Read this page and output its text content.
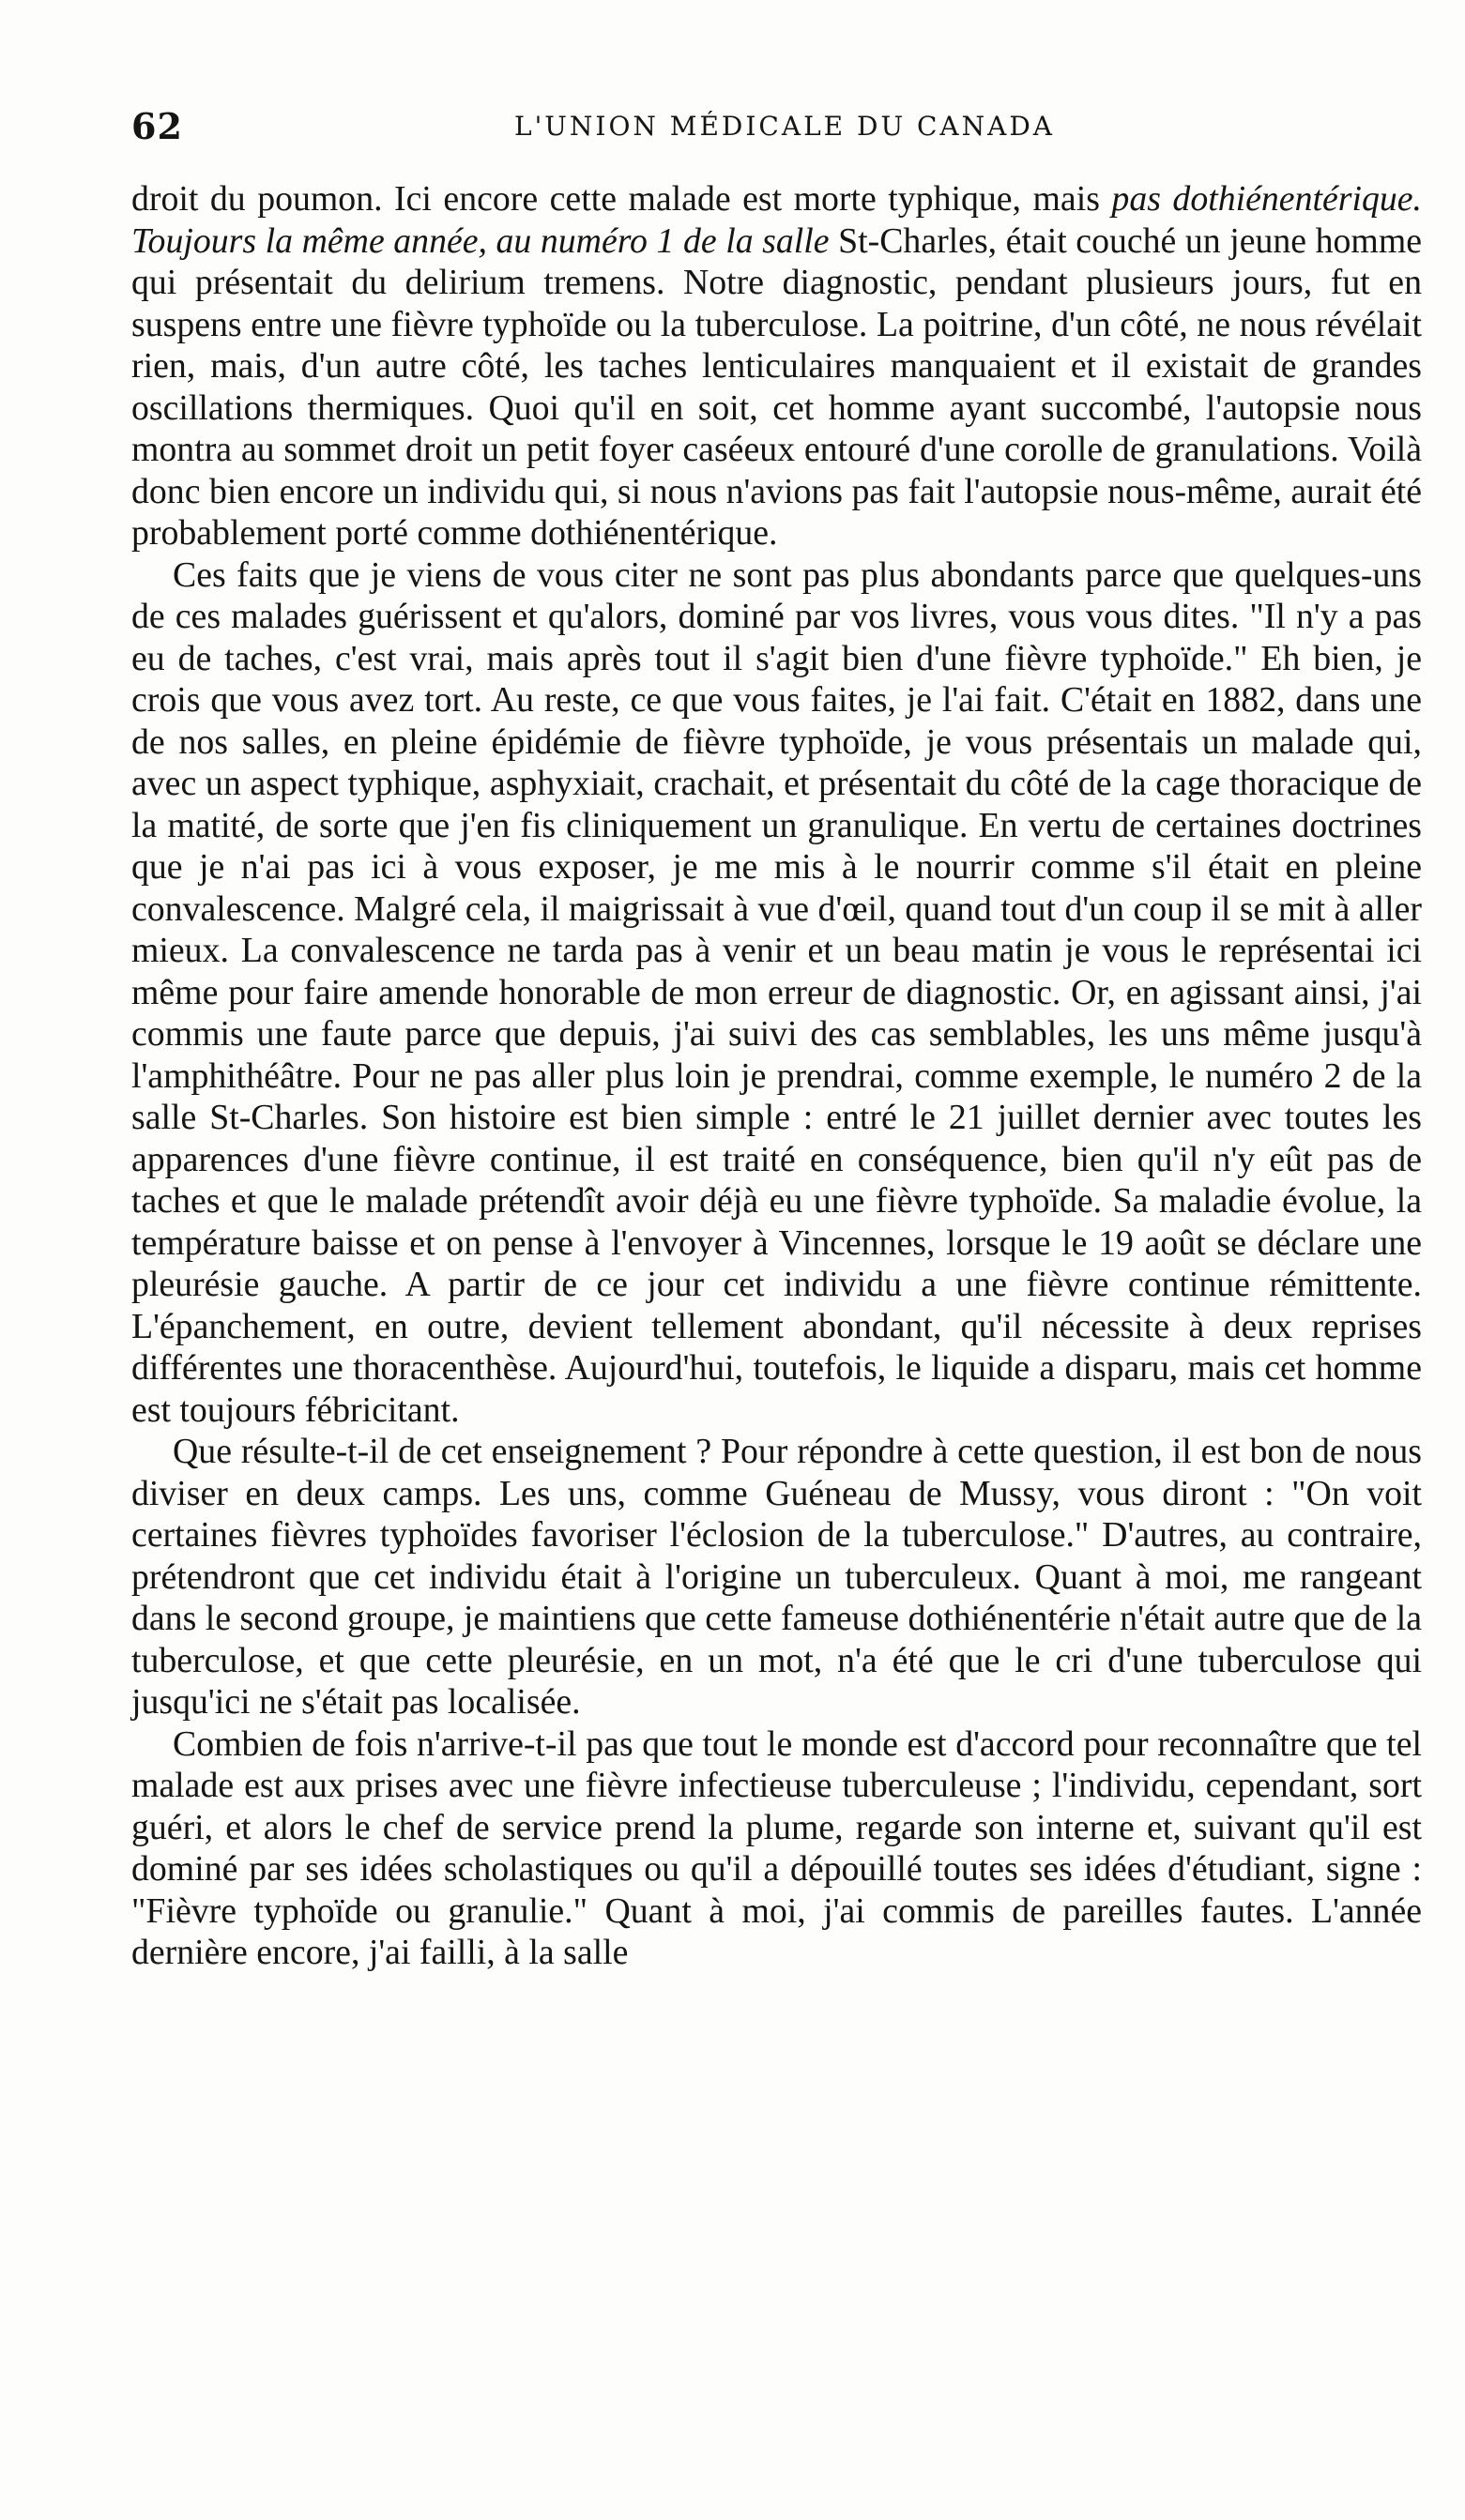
62	L'UNION MÉDICALE DU CANADA

droit du poumon. Ici encore cette malade est morte typhique, mais pas dothiénentérique. Toujours la même année, au numéro 1 de la salle St-Charles, était couché un jeune homme qui présentait du delirium tremens. Notre diagnostic, pendant plusieurs jours, fut en suspens entre une fièvre typhoïde ou la tuberculose. La poitrine, d'un côté, ne nous révélait rien, mais, d'un autre côté, les taches lenticulaires manquaient et il existait de grandes oscillations thermiques. Quoi qu'il en soit, cet homme ayant succombé, l'autopsie nous montra au sommet droit un petit foyer caséeux entouré d'une corolle de granulations. Voilà donc bien encore un individu qui, si nous n'avions pas fait l'autopsie nous-même, aurait été probablement porté comme dothiénentérique.

Ces faits que je viens de vous citer ne sont pas plus abondants parce que quelques-uns de ces malades guérissent et qu'alors, dominé par vos livres, vous vous dites. "Il n'y a pas eu de taches, c'est vrai, mais après tout il s'agit bien d'une fièvre typhoïde." Eh bien, je crois que vous avez tort. Au reste, ce que vous faites, je l'ai fait. C'était en 1882, dans une de nos salles, en pleine épidémie de fièvre typhoïde, je vous présentais un malade qui, avec un aspect typhique, asphyxiait, crachait, et présentait du côté de la cage thoracique de la matité, de sorte que j'en fis cliniquement un granulique. En vertu de certaines doctrines que je n'ai pas ici à vous exposer, je me mis à le nourrir comme s'il était en pleine convalescence. Malgré cela, il maigrissait à vue d'œil, quand tout d'un coup il se mit à aller mieux. La convalescence ne tarda pas à venir et un beau matin je vous le représentai ici même pour faire amende honorable de mon erreur de diagnostic. Or, en agissant ainsi, j'ai commis une faute parce que depuis, j'ai suivi des cas semblables, les uns même jusqu'à l'amphithéâtre. Pour ne pas aller plus loin je prendrai, comme exemple, le numéro 2 de la salle St-Charles. Son histoire est bien simple : entré le 21 juillet dernier avec toutes les apparences d'une fièvre continue, il est traité en conséquence, bien qu'il n'y eût pas de taches et que le malade prétendît avoir déjà eu une fièvre typhoïde. Sa maladie évolue, la température baisse et on pense à l'envoyer à Vincennes, lorsque le 19 août se déclare une pleurésie gauche. A partir de ce jour cet individu a une fièvre continue rémittente. L'épanchement, en outre, devient tellement abondant, qu'il nécessite à deux reprises différentes une thoracenthèse. Aujourd'hui, toutefois, le liquide a disparu, mais cet homme est toujours fébricitant.

Que résulte-t-il de cet enseignement ? Pour répondre à cette question, il est bon de nous diviser en deux camps. Les uns, comme Guéneau de Mussy, vous diront : "On voit certaines fièvres typhoïdes favoriser l'éclosion de la tuberculose." D'autres, au contraire, prétendront que cet individu était à l'origine un tuberculeux. Quant à moi, me rangeant dans le second groupe, je maintiens que cette fameuse dothiénentérie n'était autre que de la tuberculose, et que cette pleurésie, en un mot, n'a été que le cri d'une tuberculose qui jusqu'ici ne s'était pas localisée.

Combien de fois n'arrive-t-il pas que tout le monde est d'accord pour reconnaître que tel malade est aux prises avec une fièvre infectieuse tuberculeuse ; l'individu, cependant, sort guéri, et alors le chef de service prend la plume, regarde son interne et, suivant qu'il est dominé par ses idées scholastiques ou qu'il a dépouillé toutes ses idées d'étudiant, signe : "Fièvre typhoïde ou granulie." Quant à moi, j'ai commis de pareilles fautes. L'année dernière encore, j'ai failli, à la salle
